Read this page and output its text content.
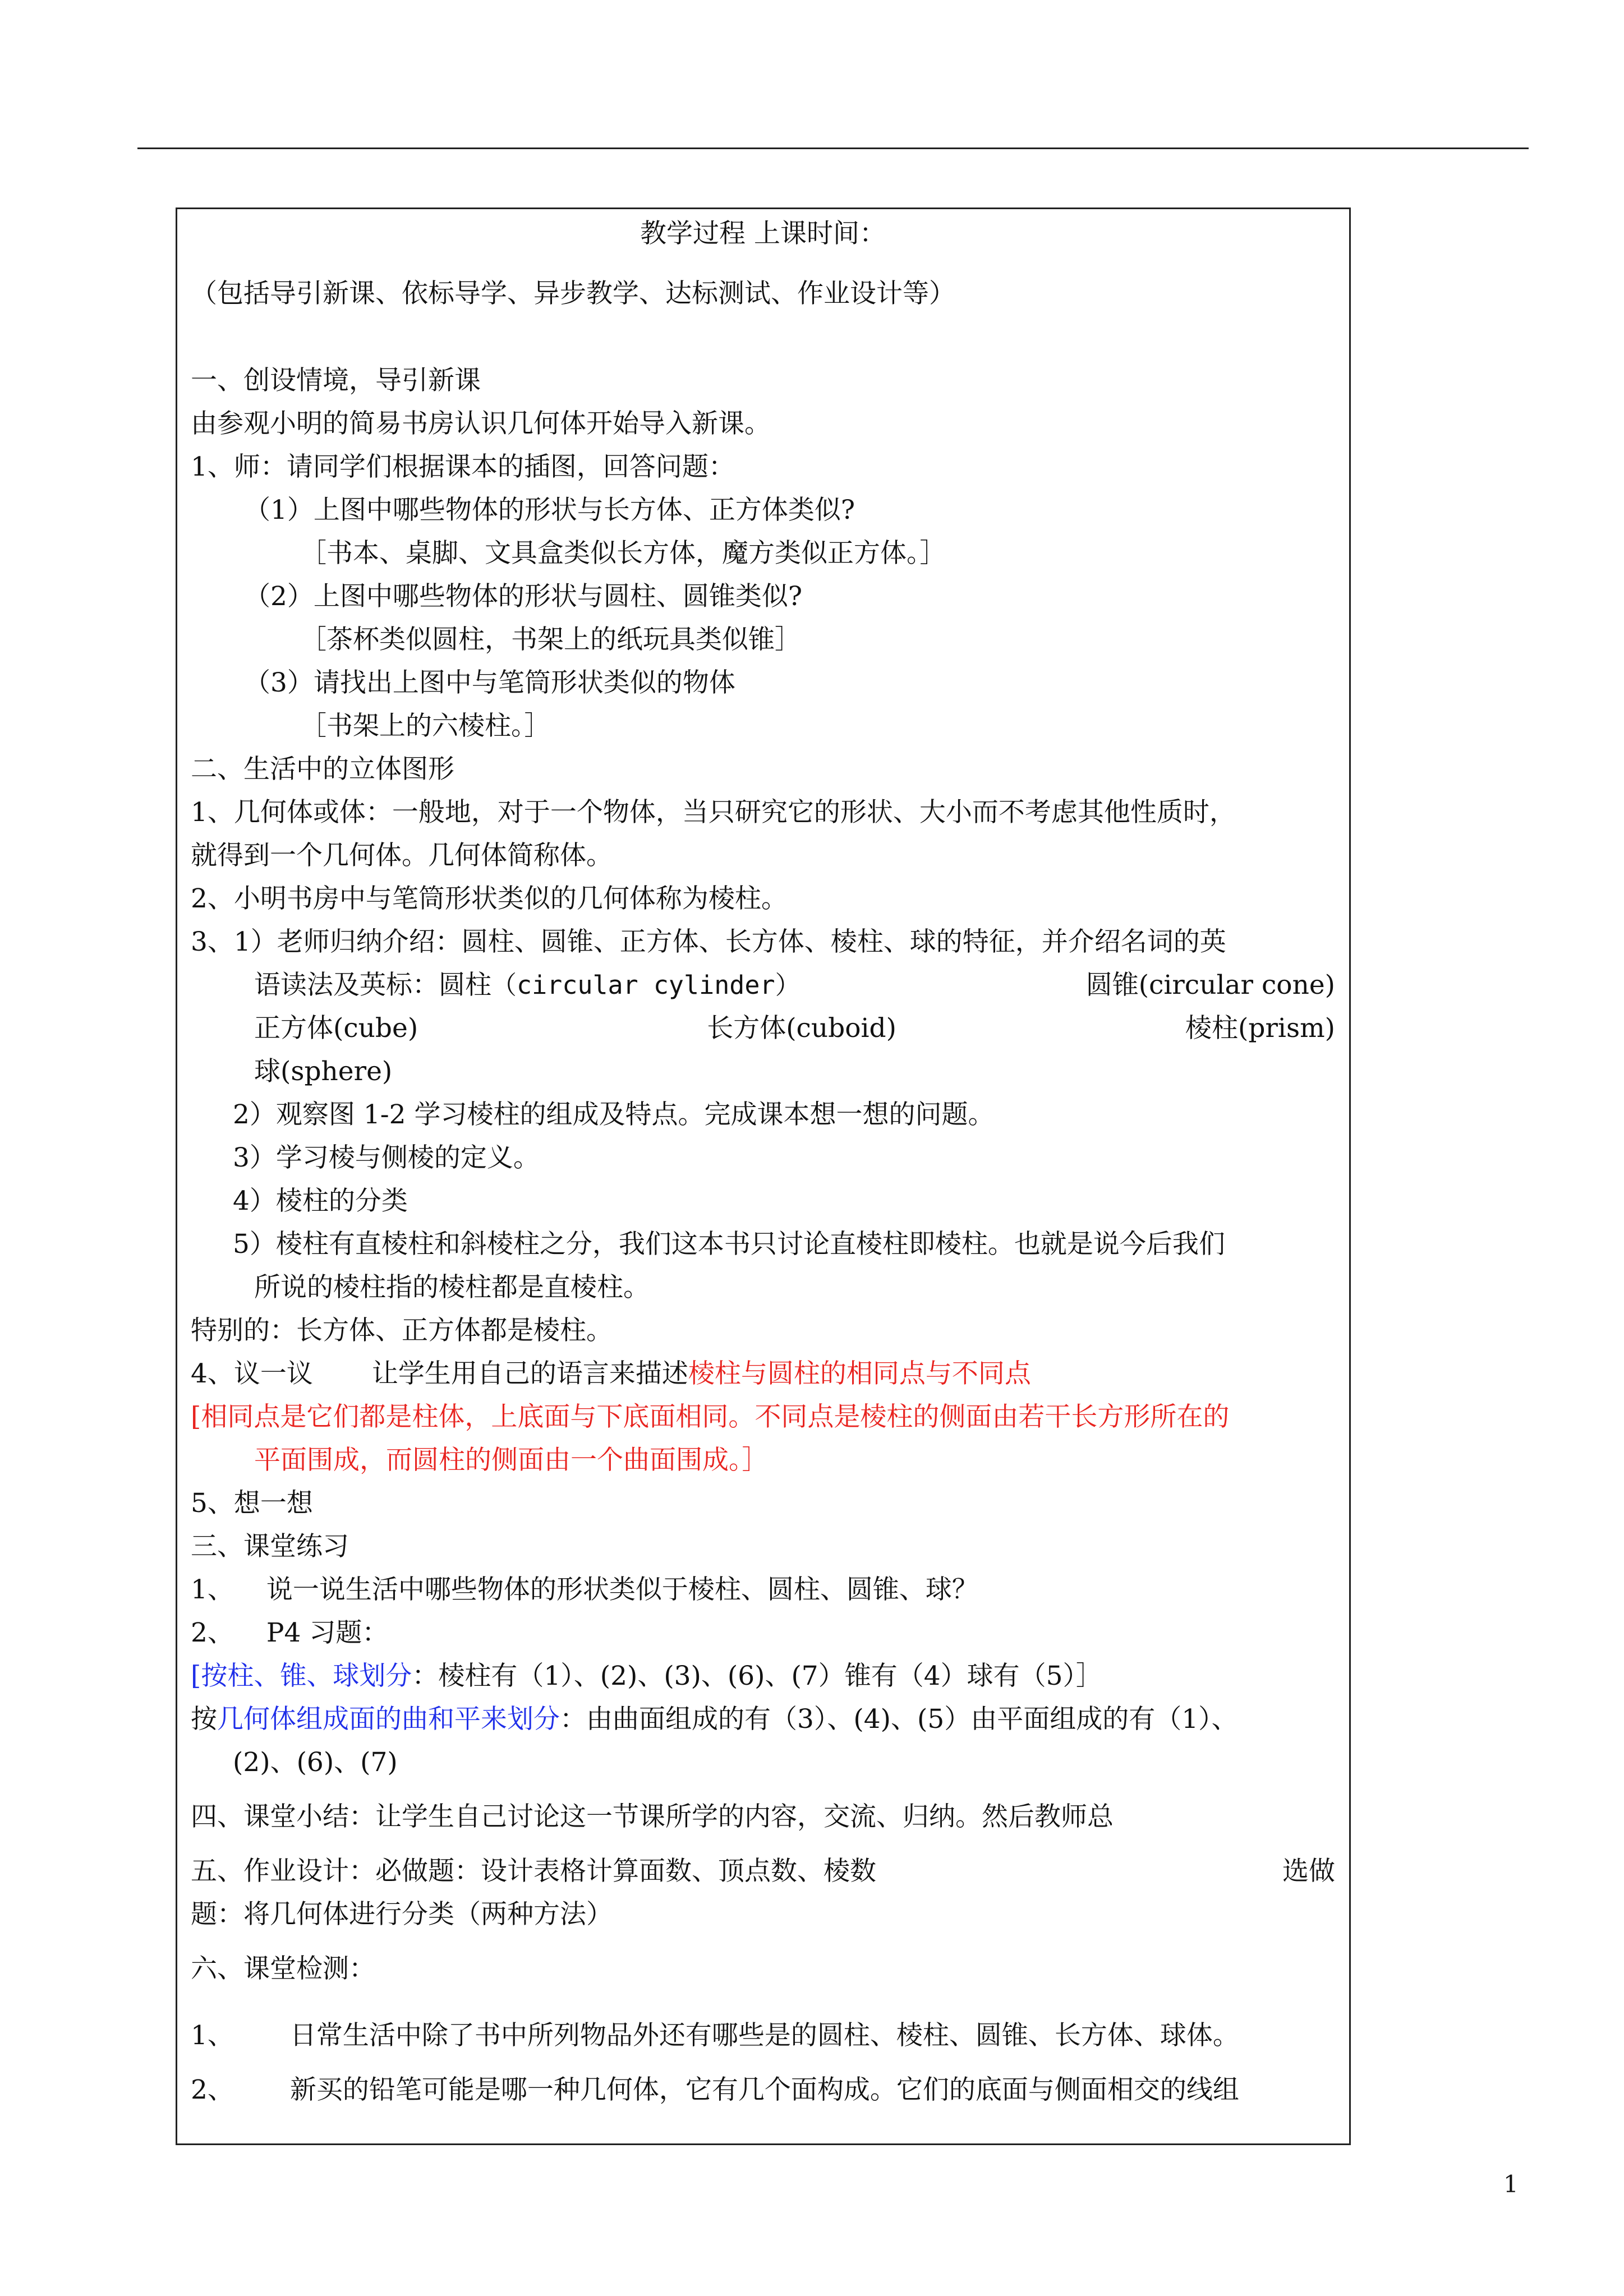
教学过程 上课时间：

（包括导引新课、依标导学、异步教学、达标测试、作业设计等）

一、创设情境，导引新课

由参观小明的简易书房认识几何体开始导入新课。

1、师：请同学们根据课本的插图，回答问题：

（1）上图中哪些物体的形状与长方体、正方体类似?

［书本、桌脚、文具盒类似长方体，魔方类似正方体。］

（2）上图中哪些物体的形状与圆柱、圆锥类似?

［茶杯类似圆柱，书架上的纸玩具类似锥］

（3）请找出上图中与笔筒形状类似的物体

［书架上的六棱柱。］

二、生活中的立体图形

1、几何体或体：一般地，对于一个物体，当只研究它的形状、大小而不考虑其他性质时，

就得到一个几何体。几何体简称体。

2、小明书房中与笔筒形状类似的几何体称为棱柱。

3、1）老师归纳介绍：圆柱、圆锥、正方体、长方体、棱柱、球的特征，并介绍名词的英

语读法及英标：圆柱（circular cylinder）	圆锥(circular cone)

正方体(cube)	长方体(cuboid)	棱柱(prism)

球(sphere)

2）观察图 1-2 学习棱柱的组成及特点。完成课本想一想的问题。

3）学习棱与侧棱的定义。

4）棱柱的分类

5）棱柱有直棱柱和斜棱柱之分，我们这本书只讨论直棱柱即棱柱。也就是说今后我们

所说的棱柱指的棱柱都是直棱柱。

特别的：长方体、正方体都是棱柱。

4、议一议 让学生用自己的语言来描述棱柱与圆柱的相同点与不同点

[相同点是它们都是柱体，上底面与下底面相同。不同点是棱柱的侧面由若干长方形所在的

平面围成，而圆柱的侧面由一个曲面围成。］

5、想一想

三、课堂练习

1、 说一说生活中哪些物体的形状类似于棱柱、圆柱、圆锥、球？

2、 P4 习题：

[按柱、锥、球划分：棱柱有（1）、(2)、(3)、(6)、(7）锥有（4）球有（5）］

按几何体组成面的曲和平来划分：由曲面组成的有（3）、(4)、(5）由平面组成的有（1）、

(2)、(6)、(7)

四、课堂小结：让学生自己讨论这一节课所学的内容，交流、归纳。然后教师总

五、作业设计：必做题：设计表格计算面数、顶点数、棱数	选做

题：将几何体进行分类（两种方法）

六、课堂检测：

1、 日常生活中除了书中所列物品外还有哪些是的圆柱、棱柱、圆锥、长方体、球体。

2、 新买的铅笔可能是哪一种几何体，它有几个面构成。它们的底面与侧面相交的线组

1
